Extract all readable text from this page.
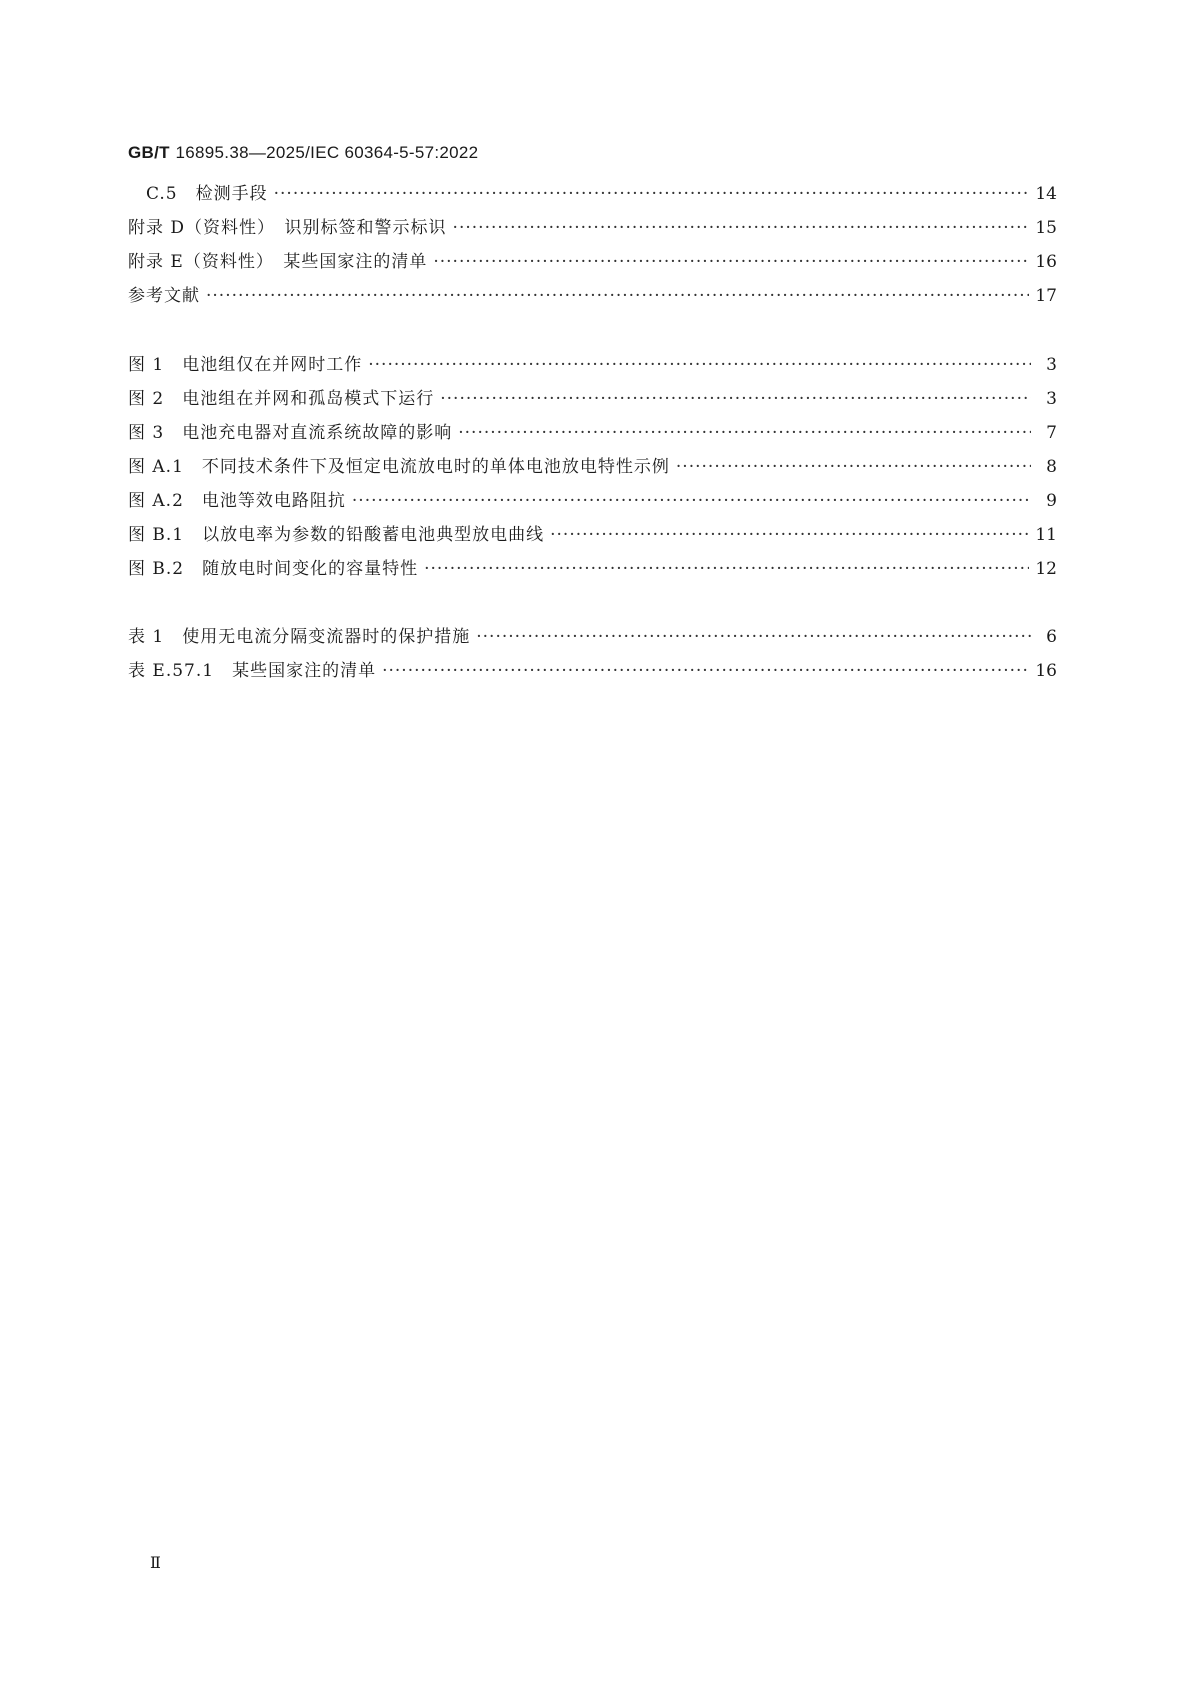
GB/T 16895.38—2025/IEC 60364-5-57:2022
C.5　检测手段 ·····	14
附录 D（资料性）　识别标签和警示标识 ·····	15
附录 E（资料性）　某些国家注的清单 ·····	16
参考文献 ·····	17
图 1　电池组仅在并网时工作 ·····	3
图 2　电池组在并网和孤岛模式下运行 ·····	3
图 3　电池充电器对直流系统故障的影响 ·····	7
图 A.1　不同技术条件下及恒定电流放电时的单体电池放电特性示例 ·····	8
图 A.2　电池等效电路阻抗 ·····	9
图 B.1　以放电率为参数的铅酸蓄电池典型放电曲线 ·····	11
图 B.2　随放电时间变化的容量特性 ·····	12
表 1　使用无电流分隔变流器时的保护措施 ·····	6
表 E.57.1　某些国家注的清单 ·····	16
Ⅱ
